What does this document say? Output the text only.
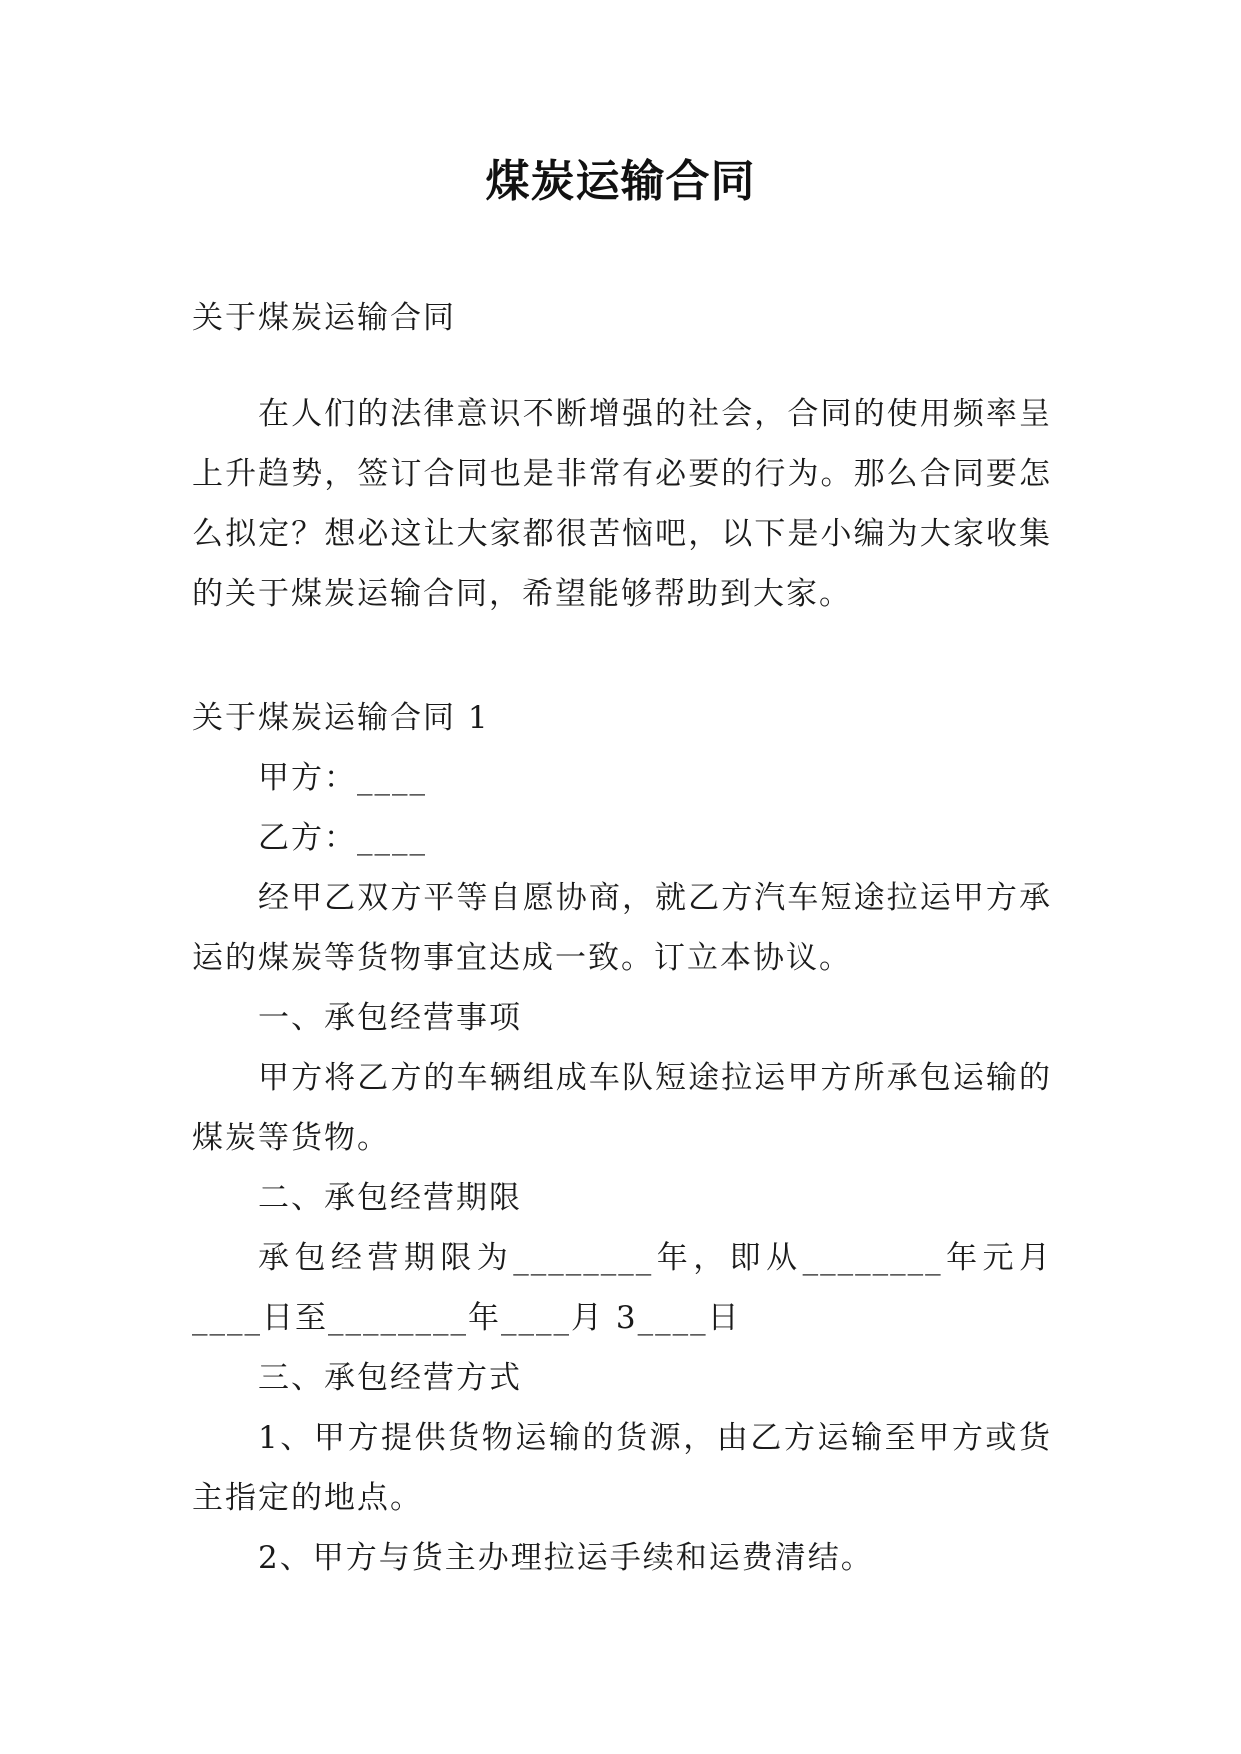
煤炭运输合同

关于煤炭运输合同

在人们的法律意识不断增强的社会，合同的使用频率呈上升趋势，签订合同也是非常有必要的行为。那么合同要怎么拟定？想必这让大家都很苦恼吧，以下是小编为大家收集的关于煤炭运输合同，希望能够帮助到大家。

关于煤炭运输合同 1

甲方：____

乙方：____

经甲乙双方平等自愿协商，就乙方汽车短途拉运甲方承运的煤炭等货物事宜达成一致。订立本协议。

一、承包经营事项

甲方将乙方的车辆组成车队短途拉运甲方所承包运输的煤炭等货物。

二、承包经营期限

承包经营期限为________年，即从________年元月____日至________年____月 3____日

三、承包经营方式

1、甲方提供货物运输的货源，由乙方运输至甲方或货主指定的地点。

2、甲方与货主办理拉运手续和运费清结。
